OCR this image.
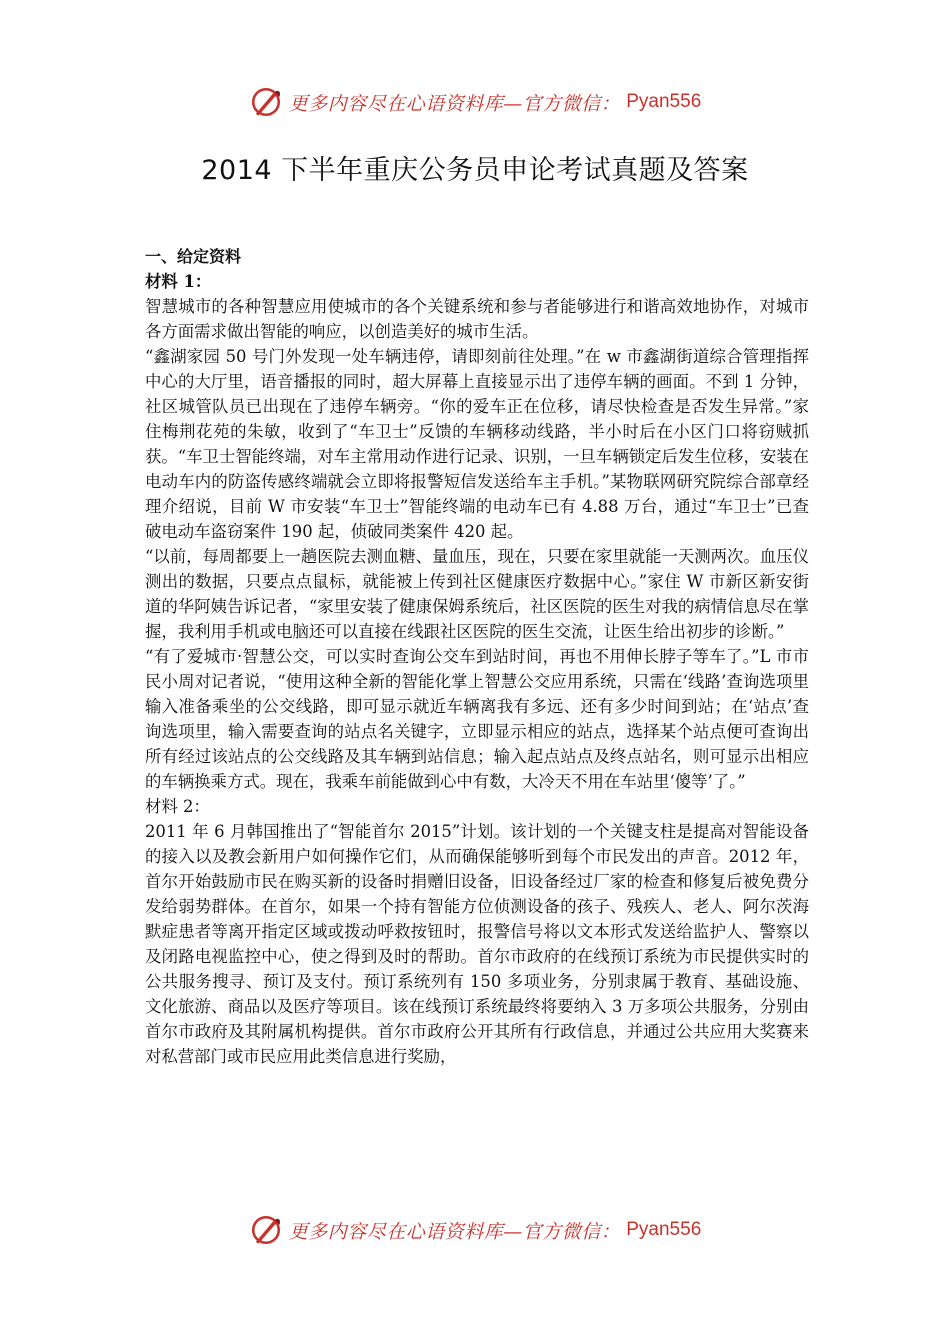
更多内容尽在心语资料库—官方微信： Pyan556
2014 下半年重庆公务员申论考试真题及答案

一、给定资料

材料 1：

智慧城市的各种智慧应用使城市的各个关键系统和参与者能够进行和谐高效地协作，对城市各方面需求做出智能的响应，以创造美好的城市生活。

“鑫湖家园 50 号门外发现一处车辆违停，请即刻前往处理。”在 w 市鑫湖街道综合管理指挥中心的大厅里，语音播报的同时，超大屏幕上直接显示出了违停车辆的画面。不到 1 分钟，社区城管队员已出现在了违停车辆旁。“你的爱车正在位移，请尽快检查是否发生异常。”家住梅荆花苑的朱敏，收到了“车卫士”反馈的车辆移动线路，半小时后在小区门口将窃贼抓获。“车卫士智能终端，对车主常用动作进行记录、识别，一旦车辆锁定后发生位移，安装在电动车内的防盗传感终端就会立即将报警短信发送给车主手机。”某物联网研究院综合部章经理介绍说，目前 W 市安装“车卫士”智能终端的电动车已有 4.88 万台，通过“车卫士”已查破电动车盗窃案件 190 起，侦破同类案件 420 起。

“以前，每周都要上一趟医院去测血糖、量血压，现在，只要在家里就能一天测两次。血压仪测出的数据，只要点点鼠标，就能被上传到社区健康医疗数据中心。”家住 W 市新区新安街道的华阿姨告诉记者，“家里安装了健康保姆系统后，社区医院的医生对我的病情信息尽在掌握，我利用手机或电脑还可以直接在线跟社区医院的医生交流，让医生给出初步的诊断。”

“有了爱城市·智慧公交，可以实时查询公交车到站时间，再也不用伸长脖子等车了。”L 市市民小周对记者说，“使用这种全新的智能化掌上智慧公交应用系统，只需在‘线路’查询选项里输入准备乘坐的公交线路，即可显示就近车辆离我有多远、还有多少时间到站；在‘站点’查询选项里，输入需要查询的站点名关键字，立即显示相应的站点，选择某个站点便可查询出所有经过该站点的公交线路及其车辆到站信息；输入起点站点及终点站名，则可显示出相应的车辆换乘方式。现在，我乘车前能做到心中有数，大冷天不用在车站里‘傻等’了。”

材料 2：

2011 年 6 月韩国推出了“智能首尔 2015”计划。该计划的一个关键支柱是提高对智能设备的接入以及教会新用户如何操作它们，从而确保能够听到每个市民发出的声音。2012 年，首尔开始鼓励市民在购买新的设备时捐赠旧设备，旧设备经过厂家的检查和修复后被免费分发给弱势群体。在首尔，如果一个持有智能方位侦测设备的孩子、残疾人、老人、阿尔茨海默症患者等离开指定区域或拨动呼救按钮时，报警信号将以文本形式发送给监护人、警察以及闭路电视监控中心，使之得到及时的帮助。首尔市政府的在线预订系统为市民提供实时的公共服务搜寻、预订及支付。预订系统列有 150 多项业务，分别隶属于教育、基础设施、文化旅游、商品以及医疗等项目。该在线预订系统最终将要纳入 3 万多项公共服务，分别由首尔市政府及其附属机构提供。首尔市政府公开其所有行政信息，并通过公共应用大奖赛来对私营部门或市民应用此类信息进行奖励，

更多内容尽在心语资料库—官方微信： Pyan556
